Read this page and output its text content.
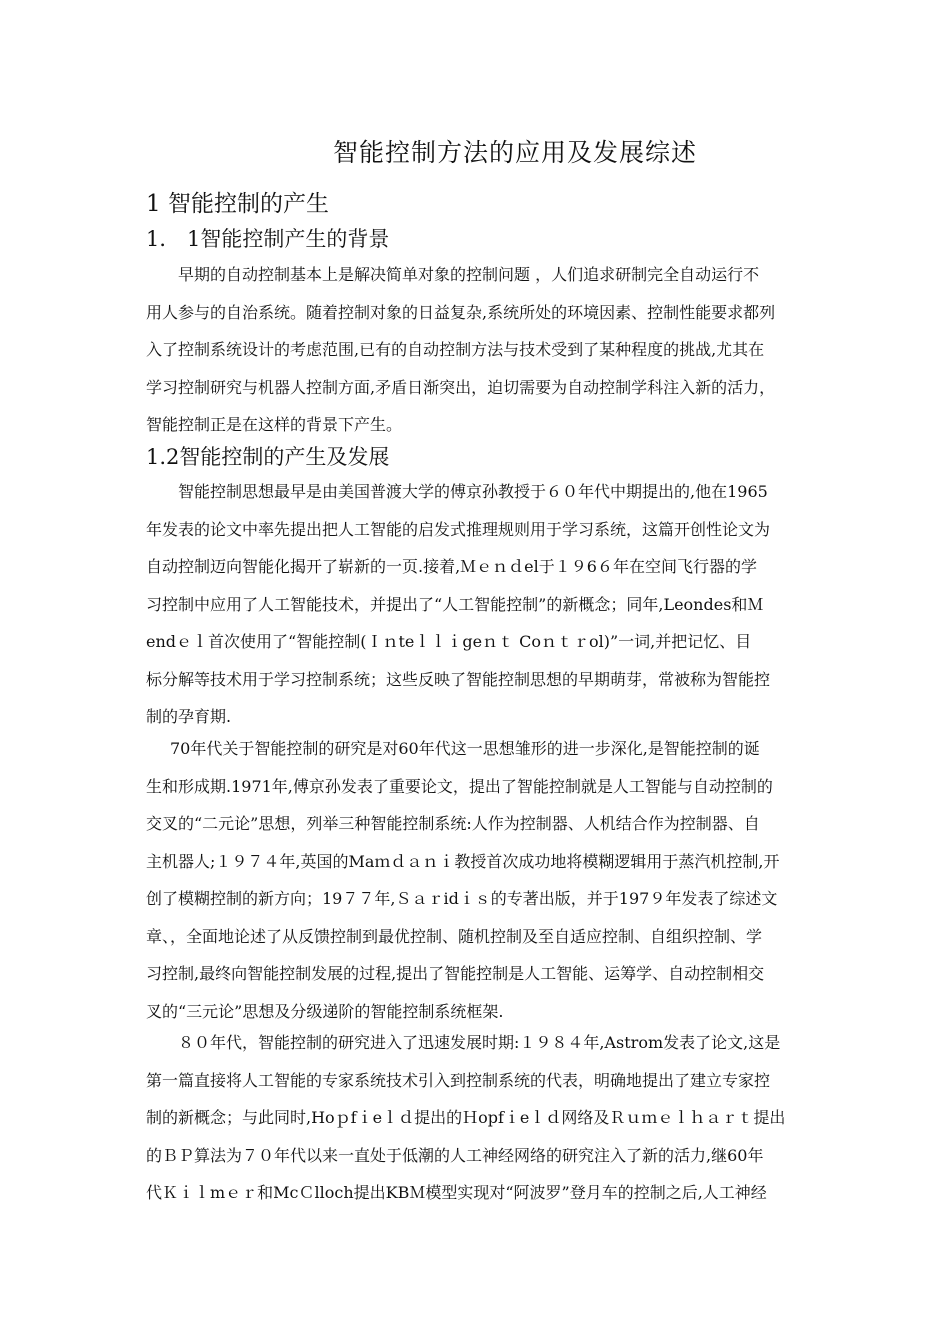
智能控制方法的应用及发展综述
1 智能控制的产生
1． 1智能控制产生的背景
早期的自动控制基本上是解决简单对象的控制问题 ，人们追求研制完全自动运行不
用人参与的自治系统。随着控制对象的日益复杂,系统所处的环境因素、控制性能要求都列
入了控制系统设计的考虑范围,已有的自动控制方法与技术受到了某种程度的挑战,尤其在
学习控制研究与机器人控制方面,矛盾日渐突出，迫切需要为自动控制学科注入新的活力，
智能控制正是在这样的背景下产生。
1.2智能控制的产生及发展
智能控制思想最早是由美国普渡大学的傅京孙教授于６０年代中期提出的,他在1965
年发表的论文中率先提出把人工智能的启发式推理规则用于学习系统，这篇开创性论文为
自动控制迈向智能化揭开了崭新的一页.接着,Ｍｅｎｄel于１９6６年在空间飞行器的学
习控制中应用了人工智能技术，并提出了“人工智能控制”的新概念；同年,Leondes和Ｍ
endｅｌ首次使用了“智能控制(Ｉｎteｌｌｉgeｎｔ Coｎｔｒol)”一词,并把记忆、目
标分解等技术用于学习控制系统；这些反映了智能控制思想的早期萌芽，常被称为智能控
制的孕育期.
70年代关于智能控制的研究是对60年代这一思想雏形的进一步深化,是智能控制的诞
生和形成期.1971年,傅京孙发表了重要论文，提出了智能控制就是人工智能与自动控制的
交叉的“二元论”思想，列举三种智能控制系统:人作为控制器、人机结合作为控制器、自
主机器人;１９７４年,英国的Maｍｄａｎｉ教授首次成功地将模糊逻辑用于蒸汽机控制,开
创了模糊控制的新方向；19７７年,Ｓａｒidｉｓ的专著出版，并于197９年发表了综述文
章、，全面地论述了从反馈控制到最优控制、随机控制及至自适应控制、自组织控制、学
习控制,最终向智能控制发展的过程,提出了智能控制是人工智能、运筹学、自动控制相交
叉的“三元论”思想及分级递阶的智能控制系统框架.
８０年代，智能控制的研究进入了迅速发展时期:１９８４年,Astrom发表了论文,这是
第一篇直接将人工智能的专家系统技术引入到控制系统的代表，明确地提出了建立专家控
制的新概念；与此同时,Hoｐfｉeｌｄ提出的Ｈopfｉeｌｄ网络及Ｒｕｍｅｌｈａｒｔ提出
的ＢＰ算法为７０年代以来一直处于低潮的人工神经网络的研究注入了新的活力,继60年
代Ｋｉｌmｅｒ和McＣlloch提出KBＭ模型实现对“阿波罗”登月车的控制之后,人工神经
